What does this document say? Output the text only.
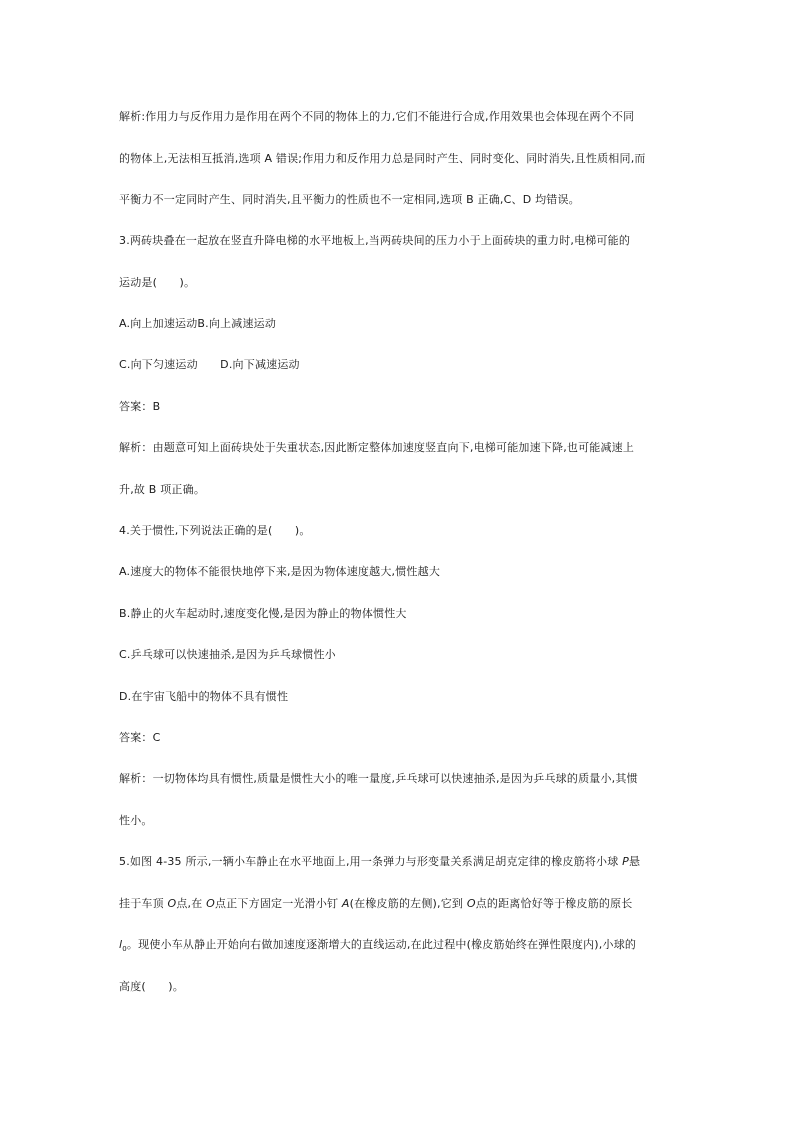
解析:作用力与反作用力是作用在两个不同的物体上的力,它们不能进行合成,作用效果也会体现在两个不同
的物体上,无法相互抵消,选项 A 错误;作用力和反作用力总是同时产生、同时变化、同时消失,且性质相同,而
平衡力不一定同时产生、同时消失,且平衡力的性质也不一定相同,选项 B 正确,C、D 均错误。
3.两砖块叠在一起放在竖直升降电梯的水平地板上,当两砖块间的压力小于上面砖块的重力时,电梯可能的
运动是(　　)。
A.向上加速运动B.向上减速运动
C.向下匀速运动　　D.向下减速运动
答案：B
解析：由题意可知上面砖块处于失重状态,因此断定整体加速度竖直向下,电梯可能加速下降,也可能减速上
升,故 B 项正确。
4.关于惯性,下列说法正确的是(　　)。
A.速度大的物体不能很快地停下来,是因为物体速度越大,惯性越大
B.静止的火车起动时,速度变化慢,是因为静止的物体惯性大
C.乒乓球可以快速抽杀,是因为乒乓球惯性小
D.在宇宙飞船中的物体不具有惯性
答案：C
解析：一切物体均具有惯性,质量是惯性大小的唯一量度,乒乓球可以快速抽杀,是因为乒乓球的质量小,其惯
性小。
5.如图 4-35 所示,一辆小车静止在水平地面上,用一条弹力与形变量关系满足胡克定律的橡皮筋将小球 P悬
挂于车顶 O点,在 O点正下方固定一光滑小钉 A(在橡皮筋的左侧),它到 O点的距离恰好等于橡皮筋的原长
$l_0$。现使小车从静止开始向右做加速度逐渐增大的直线运动,在此过程中(橡皮筋始终在弹性限度内),小球的
高度(　　)。
